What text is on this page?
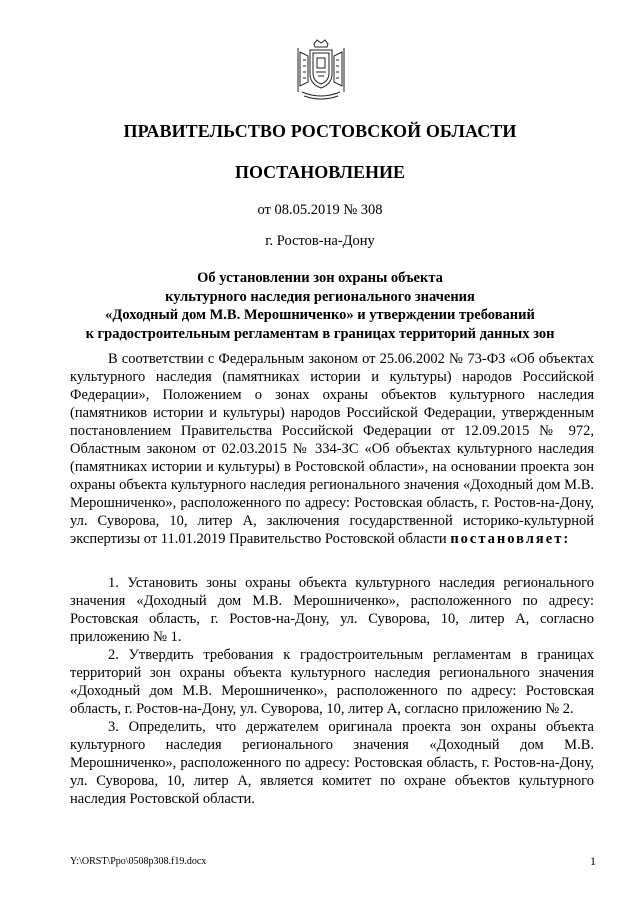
ПРАВИТЕЛЬСТВО РОСТОВСКОЙ ОБЛАСТИ
ПОСТАНОВЛЕНИЕ
от 08.05.2019 № 308
г. Ростов-на-Дону
Об установлении зон охраны объекта
культурного наследия регионального значения
«Доходный дом М.В. Мерошниченко» и утверждении требований
к градостроительным регламентам в границах территорий данных зон

В соответствии с Федеральным законом от 25.06.2002 № 73-ФЗ «Об объектах культурного наследия (памятниках истории и культуры) народов Российской Федерации», Положением о зонах охраны объектов культурного наследия (памятников истории и культуры) народов Российской Федерации, утвержденным постановлением Правительства Российской Федерации от 12.09.2015 № 972, Областным законом от 02.03.2015 № 334-ЗС «Об объектах культурного наследия (памятниках истории и культуры) в Ростовской области», на основании проекта зон охраны объекта культурного наследия регионального значения «Доходный дом М.В. Мерошниченко», расположенного по адресу: Ростовская область, г. Ростов-на-Дону, ул. Суворова, 10, литер А, заключения государственной историко-культурной экспертизы от 11.01.2019 Правительство Ростовской области постановляет:

1. Установить зоны охраны объекта культурного наследия регионального значения «Доходный дом М.В. Мерошниченко», расположенного по адресу: Ростовская область, г. Ростов-на-Дону, ул. Суворова, 10, литер А, согласно приложению № 1.

2. Утвердить требования к градостроительным регламентам в границах территорий зон охраны объекта культурного наследия регионального значения «Доходный дом М.В. Мерошниченко», расположенного по адресу: Ростовская область, г. Ростов-на-Дону, ул. Суворова, 10, литер А, согласно приложению № 2.

3. Определить, что держателем оригинала проекта зон охраны объекта культурного наследия регионального значения «Доходный дом М.В. Мерошниченко», расположенного по адресу: Ростовская область, г. Ростов-на-Дону, ул. Суворова, 10, литер А, является комитет по охране объектов культурного наследия Ростовской области.

Y:\ORST\Ppo\0508p308.f19.docx	1
